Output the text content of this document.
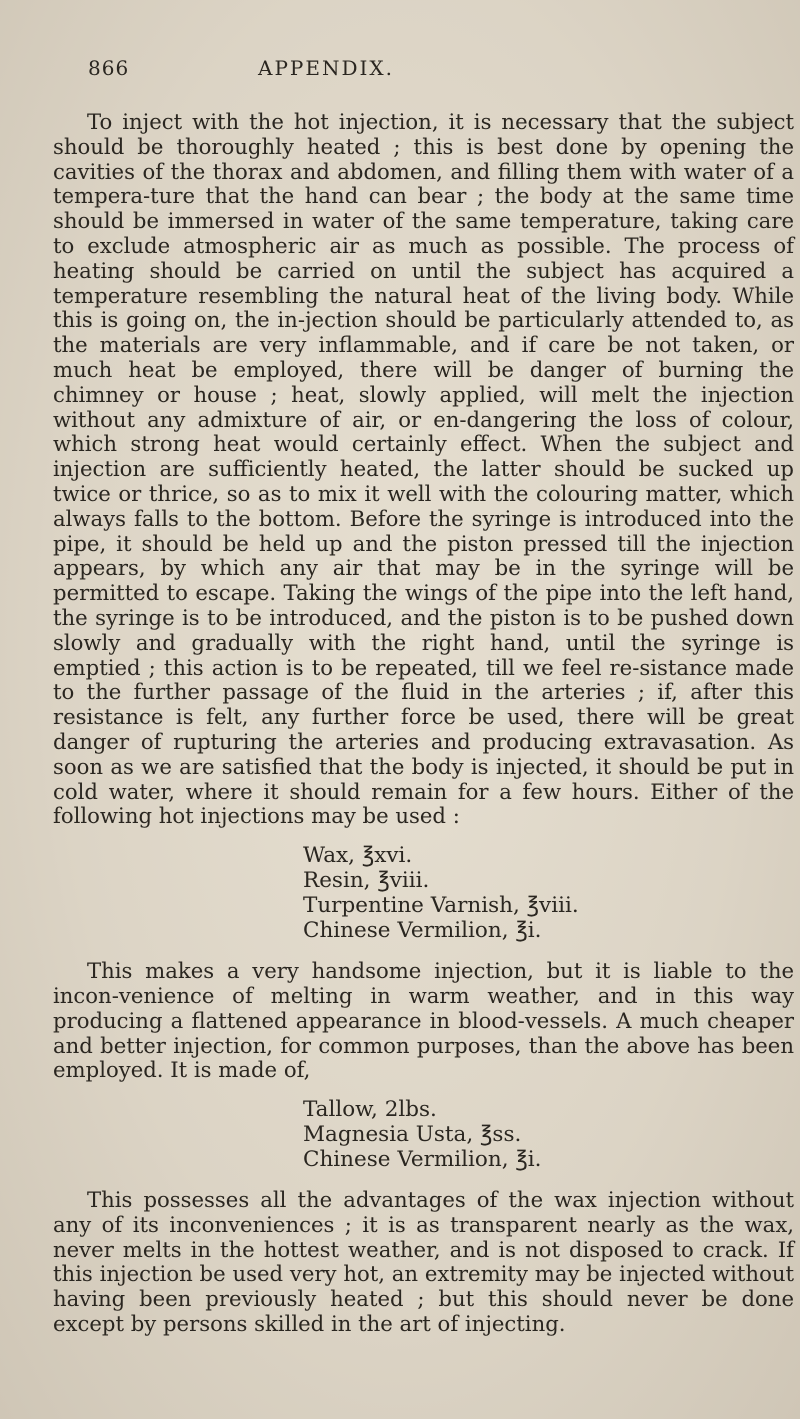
866	APPENDIX.

To inject with the hot injection, it is necessary that the subject should be thoroughly heated ; this is best done by opening the cavities of the thorax and abdomen, and filling them with water of a tempera-ture that the hand can bear ; the body at the same time should be immersed in water of the same temperature, taking care to exclude atmospheric air as much as possible. The process of heating should be carried on until the subject has acquired a temperature resembling the natural heat of the living body. While this is going on, the in-jection should be particularly attended to, as the materials are very inflammable, and if care be not taken, or much heat be employed, there will be danger of burning the chimney or house ; heat, slowly applied, will melt the injection without any admixture of air, or en-dangering the loss of colour, which strong heat would certainly effect. When the subject and injection are sufficiently heated, the latter should be sucked up twice or thrice, so as to mix it well with the colouring matter, which always falls to the bottom. Before the syringe is introduced into the pipe, it should be held up and the piston pressed till the injection appears, by which any air that may be in the syringe will be permitted to escape. Taking the wings of the pipe into the left hand, the syringe is to be introduced, and the piston is to be pushed down slowly and gradually with the right hand, until the syringe is emptied ; this action is to be repeated, till we feel re-sistance made to the further passage of the fluid in the arteries ; if, after this resistance is felt, any further force be used, there will be great danger of rupturing the arteries and producing extravasation. As soon as we are satisfied that the body is injected, it should be put in cold water, where it should remain for a few hours. Either of the following hot injections may be used :

Wax, ℥xvi.
Resin, ℥viii.
Turpentine Varnish, ℥viii.
Chinese Vermilion, ℥i.

This makes a very handsome injection, but it is liable to the incon-venience of melting in warm weather, and in this way producing a flattened appearance in blood-vessels. A much cheaper and better injection, for common purposes, than the above has been employed. It is made of,

Tallow, 2lbs.
Magnesia Usta, ℥ss.
Chinese Vermilion, ℥i.

This possesses all the advantages of the wax injection without any of its inconveniences ; it is as transparent nearly as the wax, never melts in the hottest weather, and is not disposed to crack. If this injection be used very hot, an extremity may be injected without having been previously heated ; but this should never be done except by persons skilled in the art of injecting.
